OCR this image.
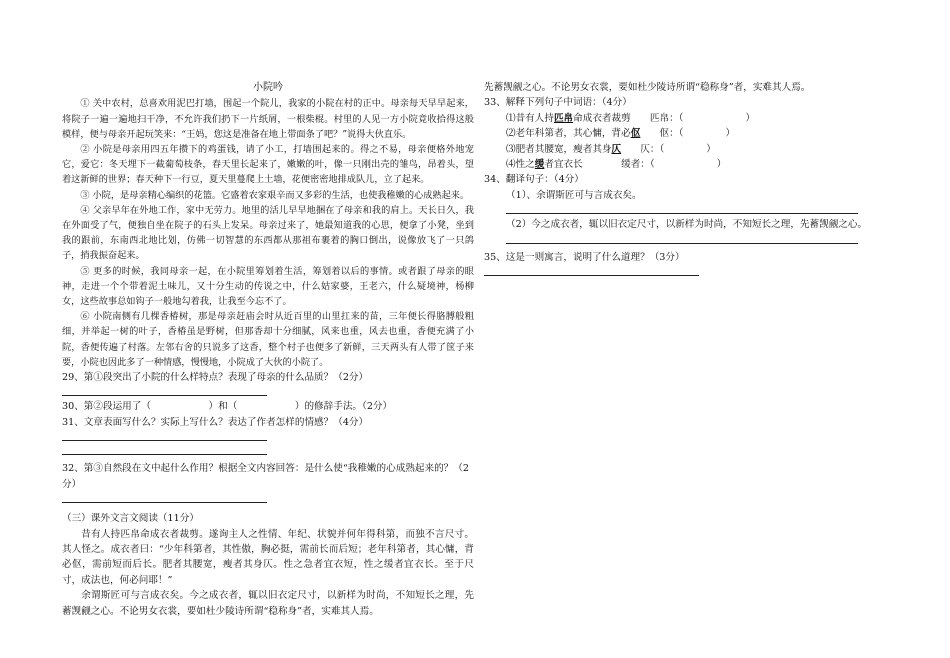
小院吟

① 关中农村，总喜欢用泥巴打墙，围起一个院儿，我家的小院在村的正中。母亲每天早早起来，将院子一遍一遍地扫干净，不允许我们扔下一片纸屑，一根柴棍。村里的人见一方小院竟收拾得这般模样，便与母亲开起玩笑来：“王妈，您这是准备在地上带面条了吧？”说得大伙直乐。

② 小院是母亲用四五年攒下的鸡蛋钱，请了小工，打墙围起来的。得之不易，母亲便格外地宠它，爱它：冬天埋下一截葡萄枝条，春天里长起来了，嫩嫩的叶，像一只刚出壳的雏鸟，昂着头，望着这新鲜的世界；春天种下一行豆，夏天里蔓爬上土墙，花便密密地排成队儿，立了起来。

③ 小院，是母亲精心编织的花篮。它盛着农家艰辛而又多彩的生活，也使我稚嫩的心成熟起来。

④ 父亲早年在外地工作，家中无劳力。地里的活儿早早地捆在了母亲和我的肩上。天长日久，我在外面受了气，便独自坐在院子的石头上发呆。母亲过来了，她最知道我的心思，便拿了小凳，坐到我的跟前，东南西北地比划，仿佛一切智慧的东西都从那祖布裹着的胸口倒出，说像放飞了一只鸽子，捎我振奋起来。

⑤ 更多的时候，我同母亲一起，在小院里筹划着生活，筹划着以后的事情。或者跟了母亲的眼神，走进一个个带着泥土味儿，又十分生动的传说之中，什么姑家婆，王老六，什么疑境神，杨柳女，这些故事总如钩子一般地勾着我，让我至今忘不了。

⑥ 小院南侧有几棵香椿树，那是母亲赶庙会时从近百里的山里扛来的苗，三年便长得胳膊般粗细，并举起一树的叶子，香椿虽是野树，但那香却十分细腻，风来也重，风去也重，香便充满了小院，香便传遍了村落。左邻右舍的只说多了这香，整个村子也便多了新鲜，三天两头有人带了筐子来要，小院也因此多了一种情感，慢慢地，小院成了大伙的小院了。

29、第①段突出了小院的什么样特点？表现了母亲的什么品质？（2分）

30、第②段运用了（　　　　　　）和（　　　　　　）的修辞手法。（2分）

31、文章表面写什么？实际上写什么？表达了作者怎样的情感？（4分）

32、第③自然段在文中起什么作用？根据全文内容回答：是什么使“我稚嫩的心成熟起来的？（2分）

（三）课外文言文阅读（11分）

昔有人持匹帛命成衣者裁剪。遂询主人之性情、年纪、状貌并何年得科第，而独不言尺寸。其人怪之。成衣者曰：“少年科第者，其性傲，胸必挺，需前长而后短；老年科第者，其心慵，背必伛，需前短而后长。肥者其腰宽，瘦者其身仄。性之急者宜衣短，性之缓者宜衣长。至于尺寸，成法也，何必问耶！”

余谓斯匠可与言成衣矣。今之成衣者，辄以旧衣定尺寸，以新样为时尚，不知短长之理，先蓄觊觎之心。不论男女衣裳，要如杜少陵诗所谓“稳称身”者，实难其人焉。

先蓄觊觎之心。不论男女衣裳，要如杜少陵诗所谓“稳称身”者，实难其人焉。

33、解释下列句子中词语：（4分）

⑴昔有人持匹帛命成衣者裁剪　　 匹帛：（	）

⑵老年科第者，其心慵，背必伛　　 伛：（	）

⑶肥者其腰宽，瘦者其身仄　　 仄：（	）

⑷性之缓者宜衣长　　　　	缓者：（	）

34、翻译句子：（4分）

（1）、余谓斯匠可与言成衣矣。

（2）今之成衣者，辄以旧衣定尺寸，以新样为时尚，不知短长之理，先蓄觊觎之心。

35、这是一则寓言，说明了什么道理？（3分）
